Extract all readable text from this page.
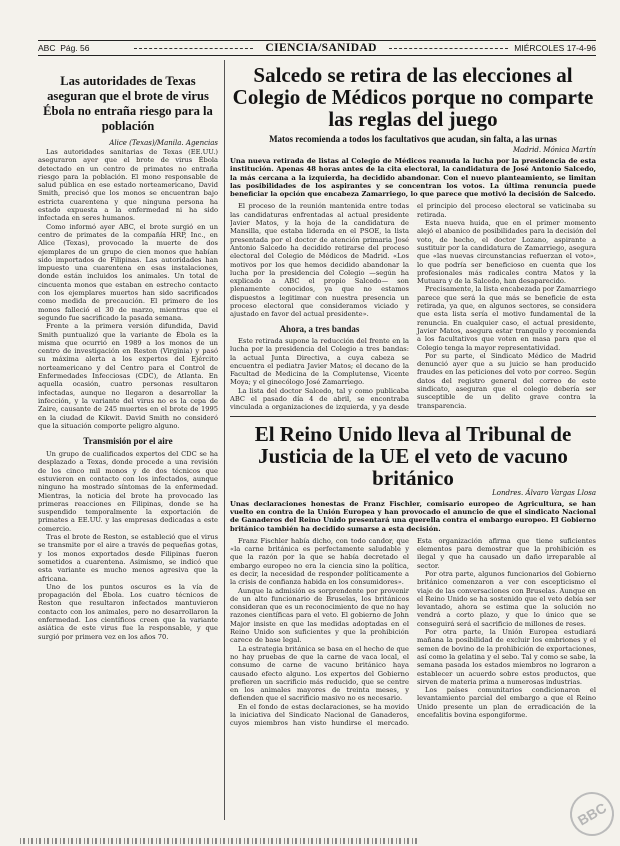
ABC  Pág. 56	CIENCIA/SANIDAD	MIÉRCOLES 17-4-96
Las autoridades de Texas aseguran que el brote de virus Ébola no entraña riesgo para la población
Alice (Texas)/Manila. Agencias

Las autoridades sanitarias de Texas (EE.UU.) aseguraron ayer que el brote de virus Ébola detectado en un centro de primates no entraña riesgo para la población. El mono responsable de salud pública en ese estado norteamericano, David Smith, precisó que los monos se encuentran bajo estricta cuarentena y que ninguna persona ha estado expuesta a la enfermedad ni ha sido infectada en seres humanos.

Como informó ayer ABC, el brote surgió en un centro de primates de la compañía HRP, Inc., en Alice (Texas), provocado la muerte de dos ejemplares de un grupo de cien monos que habían sido importados de Filipinas. Las autoridades han impuesto una cuarentena en esas instalaciones, donde están incluidos los animales. Un total de cincuenta monos que estaban en estrecho contacto con los ejemplares muertos han sido sacrificados como medida de precaución. El primero de los monos falleció el 30 de marzo, mientras que el segundo fue sacrificado la pasada semana.

Frente a la primera versión difundida, David Smith puntualizó que la variante de Ébola es la misma que ocurrió en 1989 a los monos de un centro de investigación en Reston (Virginia) y pasó su máxima alerta a los expertos del Ejército norteamericano y del Centro para el Control de Enfermedades Infecciosas (CDC), de Atlanta. En aquella ocasión, cuatro personas resultaron infectadas, aunque no llegaron a desarrollar la infección, y la variante del virus no es la cepa de Zaire, causante de 245 muertes en el brote de 1995 en la ciudad de Kikwit. David Smith no consideró que la situación comporte peligro alguno.

Transmisión por el aire

Un grupo de cualificados expertos del CDC se ha desplazado a Texas, donde procede a una revisión de los cinco mil monos y de dos técnicos que estuvieron en contacto con los infectados, aunque ninguno ha mostrado síntomas de la enfermedad. Mientras, la noticia del brote ha provocado las primeras reacciones en Filipinas, donde se ha suspendido temporalmente la exportación de primates a EE.UU. y las empresas dedicadas a este comercio.

Tras el brote de Reston, se estableció que el virus se transmite por el aire a través de pequeñas gotas, y los monos exportados desde Filipinas fueron sometidos a cuarentena. Asimismo, se indicó que esta variante es mucho menos agresiva que la africana.

Uno de los puntos oscuros es la vía de propagación del Ébola. Los cuatro técnicos de Reston que resultaron infectados mantuvieron contacto con los animales, pero no desarrollaron la enfermedad. Los científicos creen que la variante asiática de este virus fue la responsable, y que surgió por primera vez en los años 70.

Salcedo se retira de las elecciones al Colegio de Médicos porque no comparte las reglas del juego
Matos recomienda a todos los facultativos que acudan, sin falta, a las urnas
Madrid. Mónica Martín
Una nueva retirada de listas al Colegio de Médicos reanuda la lucha por la presidencia de esta institución. Apenas 48 horas antes de la cita electoral, la candidatura de José Antonio Salcedo, la más cercana a la izquierda, ha decidido abandonar. Con el nuevo planteamiento, se limitan las posibilidades de los aspirantes y se concentran los votos. La última renuncia puede beneficiar la opción que encabeza Zamarriego, lo que parece que motivó la decisión de Salcedo.

El proceso de la reunión mantenida entre todas las candidaturas enfrentadas al actual presidente Javier Matos, y la hoja de la candidatura de Mansilla, que estaba liderada en el PSOE, la lista presentada por el doctor de atención primaria José Antonio Salcedo ha decidido retirarse del proceso electoral del Colegio de Médicos de Madrid. «Los motivos por los que hemos decidido abandonar la lucha por la presidencia del Colegio —según ha explicado a ABC el propio Salcedo— son plenamente conocidos, ya que no estamos dispuestos a legitimar con nuestra presencia un proceso electoral que consideramos viciado y ajustado en favor del actual presidente».

Ahora, a tres bandas

Este retirada supone la reducción del frente en la lucha por la presidencia del Colegio a tres bandas: la actual Junta Directiva, a cuya cabeza se encuentra el pediatra Javier Matos; el decano de la Facultad de Medicina de la Complutense, Vicente Moya; y el ginecólogo José Zamarriego.

La lista del doctor Salcedo, tal y como publicaba ABC el pasado día 4 de abril, se encontraba vinculada a organizaciones de izquierda, y ya desde el principio del proceso electoral se vaticinaba su retirada.

Esta nueva huida, que en el primer momento alejó el abanico de posibilidades para la decisión del voto, de hecho, el doctor Lozano, aspirante a sustituir por la candidatura de Zamarriego, asegura que «las nuevas circunstancias refuerzan el voto», lo que podría ser beneficioso en cuenta que los profesionales más radicales contra Matos y la Mutuara y de la Salcedo, han desaparecido.

Precisamente, la lista encabezada por Zamarriego parece que será la que más se beneficie de esta retirada, ya que, en algunos sectores, se considera que esta lista sería el motivo fundamental de la renuncia. En cualquier caso, el actual presidente, Javier Matos, asegura estar tranquilo y recomienda a los facultativos que voten en masa para que el Colegio tenga la mayor representatividad.

Por su parte, el Sindicato Médico de Madrid denunció ayer que a su juicio se han producido fraudes en las peticiones del voto por correo. Según datos del registro general del correo de este sindicato, aseguran que el colegio debería ser susceptible de un delito grave contra la transparencia.

El Reino Unido lleva al Tribunal de Justicia de la UE el veto de vacuno británico
Londres. Álvaro Vargas Llosa
Unas declaraciones honestas de Franz Fischler, comisario europeo de Agricultura, se han vuelto en contra de la Unión Europea y han provocado el anuncio de que el sindicato Nacional de Ganaderos del Reino Unido presentará una querella contra el embargo europeo. El Gobierno británico también ha decidido sumarse a esta decisión.

Franz Fischler había dicho, con todo candor, que «la carne británica es perfectamente saludable y que la razón por la que se había decretado el embargo europeo no era la ciencia sino la política, es decir, la necesidad de responder políticamente a la crisis de confianza habida en los consumidores».

Aunque la admisión es sorprendente por provenir de un alto funcionario de Bruselas, los británicos consideran que es un reconocimiento de que no hay razones científicas para el veto. El gobierno de John Major insiste en que las medidas adoptadas en el Reino Unido son suficientes y que la prohibición carece de base legal.

La estrategia británica se basa en el hecho de que no hay pruebas de que la carne de vaca local, el consumo de carne de vacuno británico haya causado efecto alguno. Los expertos del Gobierno prefieren un sacrificio más reducido, que se centre en los animales mayores de treinta meses, y defienden que el sacrificio masivo no es necesario.

En el fondo de estas declaraciones, se ha movido la iniciativa del Sindicato Nacional de Ganaderos, cuyos miembros han visto hundirse el mercado. Esta organización afirma que tiene suficientes elementos para demostrar que la prohibición es ilegal y que ha causado un daño irreparable al sector.

Por otra parte, algunos funcionarios del Gobierno británico comenzaron a ver con escepticismo el viaje de las conversaciones con Bruselas. Aunque en el Reino Unido se ha sostenido que el veto debía ser levantado, ahora se estima que la solución no vendrá a corto plazo, y que lo único que se conseguirá será el sacrificio de millones de reses.

Por otra parte, la Unión Europea estudiará mañana la posibilidad de excluir los embriones y el semen de bovino de la prohibición de exportaciones, así como la gelatina y el sebo. Tal y como se sabe, la semana pasada los estados miembros no lograron a establecer un acuerdo sobre estos productos, que sirven de materia prima a numerosas industrias.

Los países comunitarios condicionaron el levantamiento parcial del embargo a que el Reino Unido presente un plan de erradicación de la encefalitis bovina espongiforme.

BBC
